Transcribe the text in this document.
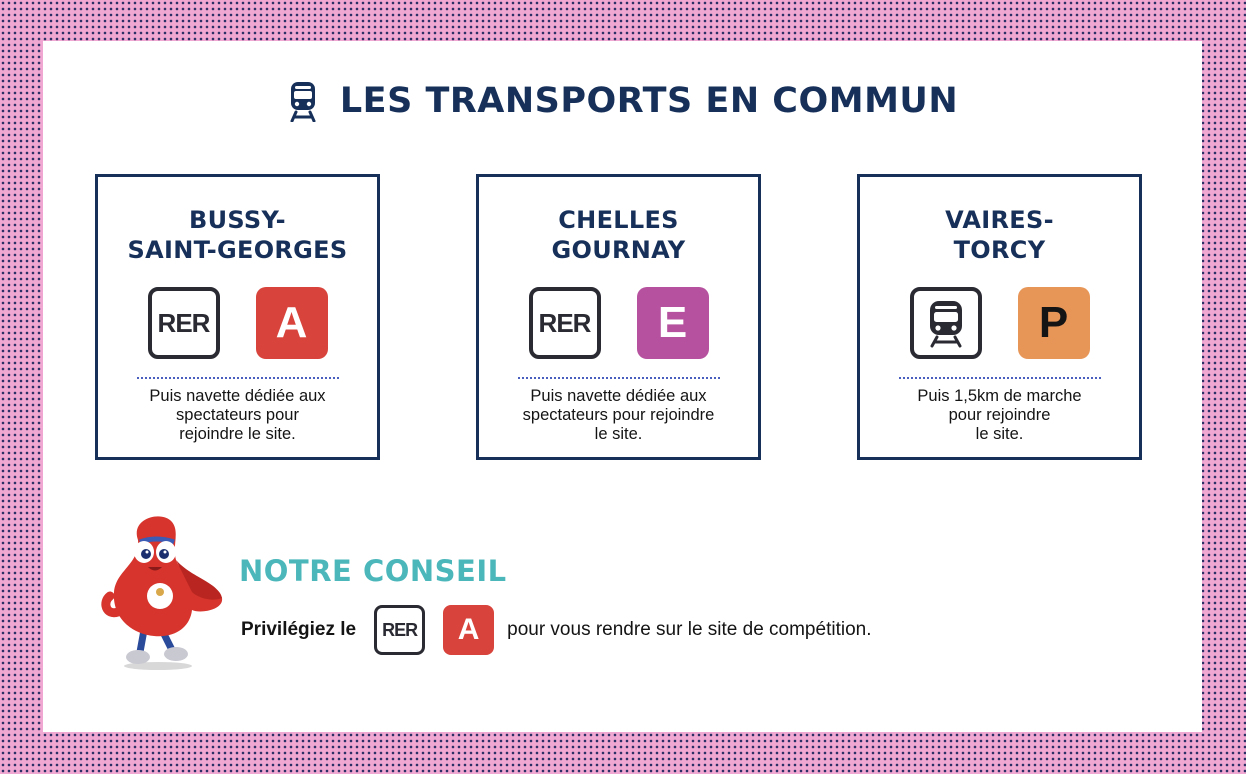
LES TRANSPORTS EN COMMUN
BUSSY-
SAINT-GEORGES
RER	A
Puis navette dédiée aux
spectateurs pour
rejoindre le site.
CHELLES
GOURNAY
RER	E
Puis navette dédiée aux
spectateurs pour rejoindre
le site.
VAIRES-
TORCY
P
Puis 1,5km de marche
pour rejoindre
le site.
NOTRE CONSEIL
Privilégiez le	RER	A	pour vous rendre sur le site de compétition.
